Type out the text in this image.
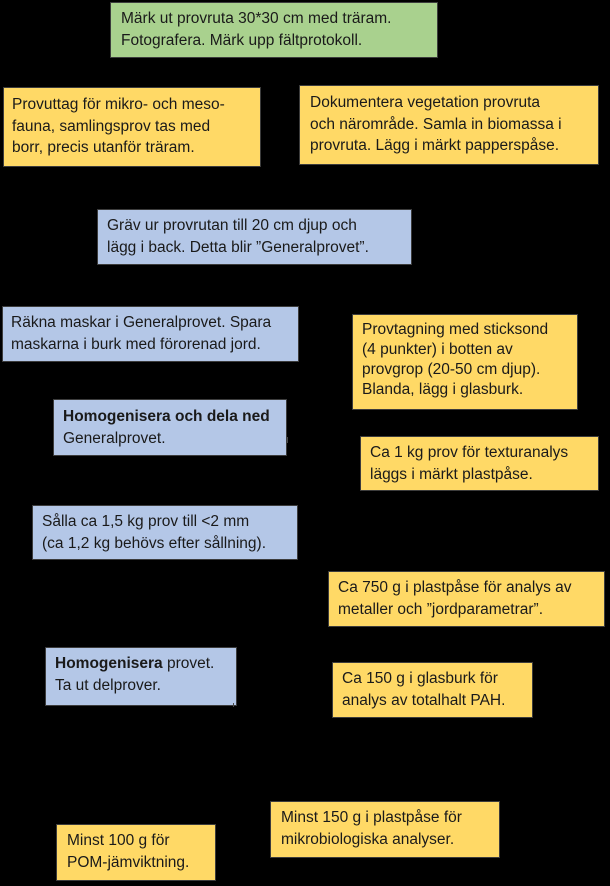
Märk ut provruta 30*30 cm med träram.
Fotografera. Märk upp fältprotokoll.
Provuttag för mikro- och meso-
fauna, samlingsprov tas med
borr, precis utanför träram.
Dokumentera vegetation provruta
och närområde. Samla in biomassa i
provruta. Lägg i märkt papperspåse.
Gräv ur provrutan till 20 cm djup och
lägg i back. Detta blir ”Generalprovet”.
Räkna maskar i Generalprovet. Spara
maskarna i burk med förorenad jord.
Provtagning med sticksond
(4 punkter) i botten av
provgrop (20-50 cm djup).
Blanda, lägg i glasburk.
Homogenisera och dela ned
Generalprovet.
Ca 1 kg prov för texturanalys
läggs i märkt plastpåse.
Sålla ca 1,5 kg prov till <2 mm
(ca 1,2 kg behövs efter sållning).
Ca 750 g i plastpåse för analys av
metaller och ”jordparametrar”.
Homogenisera provet.
Ta ut delprover.	Ca 150 g i glasburk för
analys av totalhalt PAH.
Minst 150 g i plastpåse för
mikrobiologiska analyser.
Minst 100 g för
POM-jämviktning.
